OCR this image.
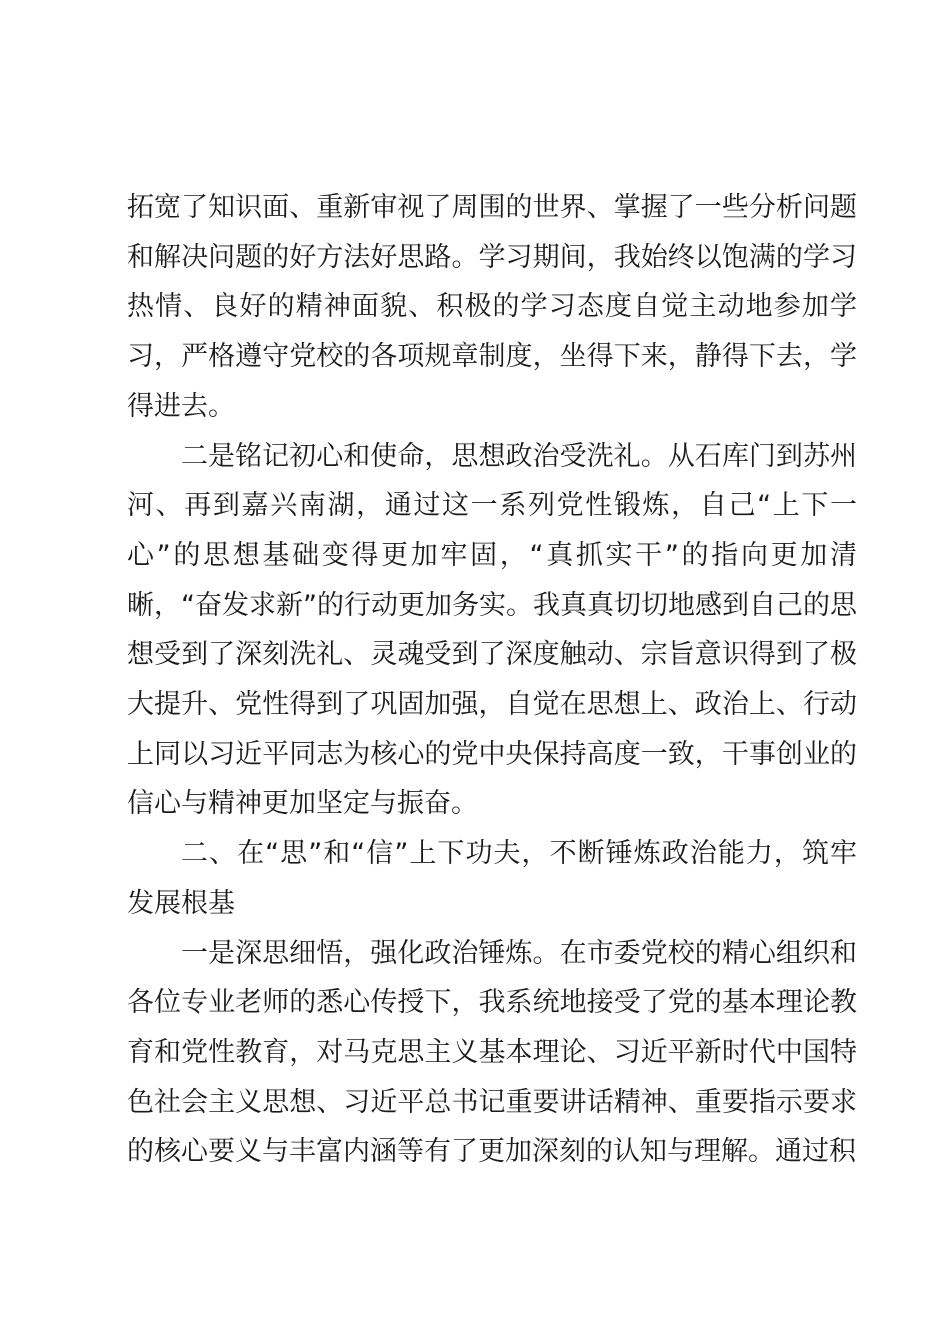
拓宽了知识面、重新审视了周围的世界、掌握了一些分析问题和解决问题的好方法好思路。学习期间，我始终以饱满的学习热情、良好的精神面貌、积极的学习态度自觉主动地参加学习，严格遵守党校的各项规章制度，坐得下来，静得下去，学得进去。

二是铭记初心和使命，思想政治受洗礼。从石库门到苏州河、再到嘉兴南湖，通过这一系列党性锻炼，自己“上下一心”的思想基础变得更加牢固，“真抓实干”的指向更加清晰，“奋发求新”的行动更加务实。我真真切切地感到自己的思想受到了深刻洗礼、灵魂受到了深度触动、宗旨意识得到了极大提升、党性得到了巩固加强，自觉在思想上、政治上、行动上同以习近平同志为核心的党中央保持高度一致，干事创业的信心与精神更加坚定与振奋。

二、在“思”和“信”上下功夫，不断锤炼政治能力，筑牢发展根基

一是深思细悟，强化政治锤炼。在市委党校的精心组织和各位专业老师的悉心传授下，我系统地接受了党的基本理论教育和党性教育，对马克思主义基本理论、习近平新时代中国特色社会主义思想、习近平总书记重要讲话精神、重要指示要求的核心要义与丰富内涵等有了更加深刻的认知与理解。通过积
